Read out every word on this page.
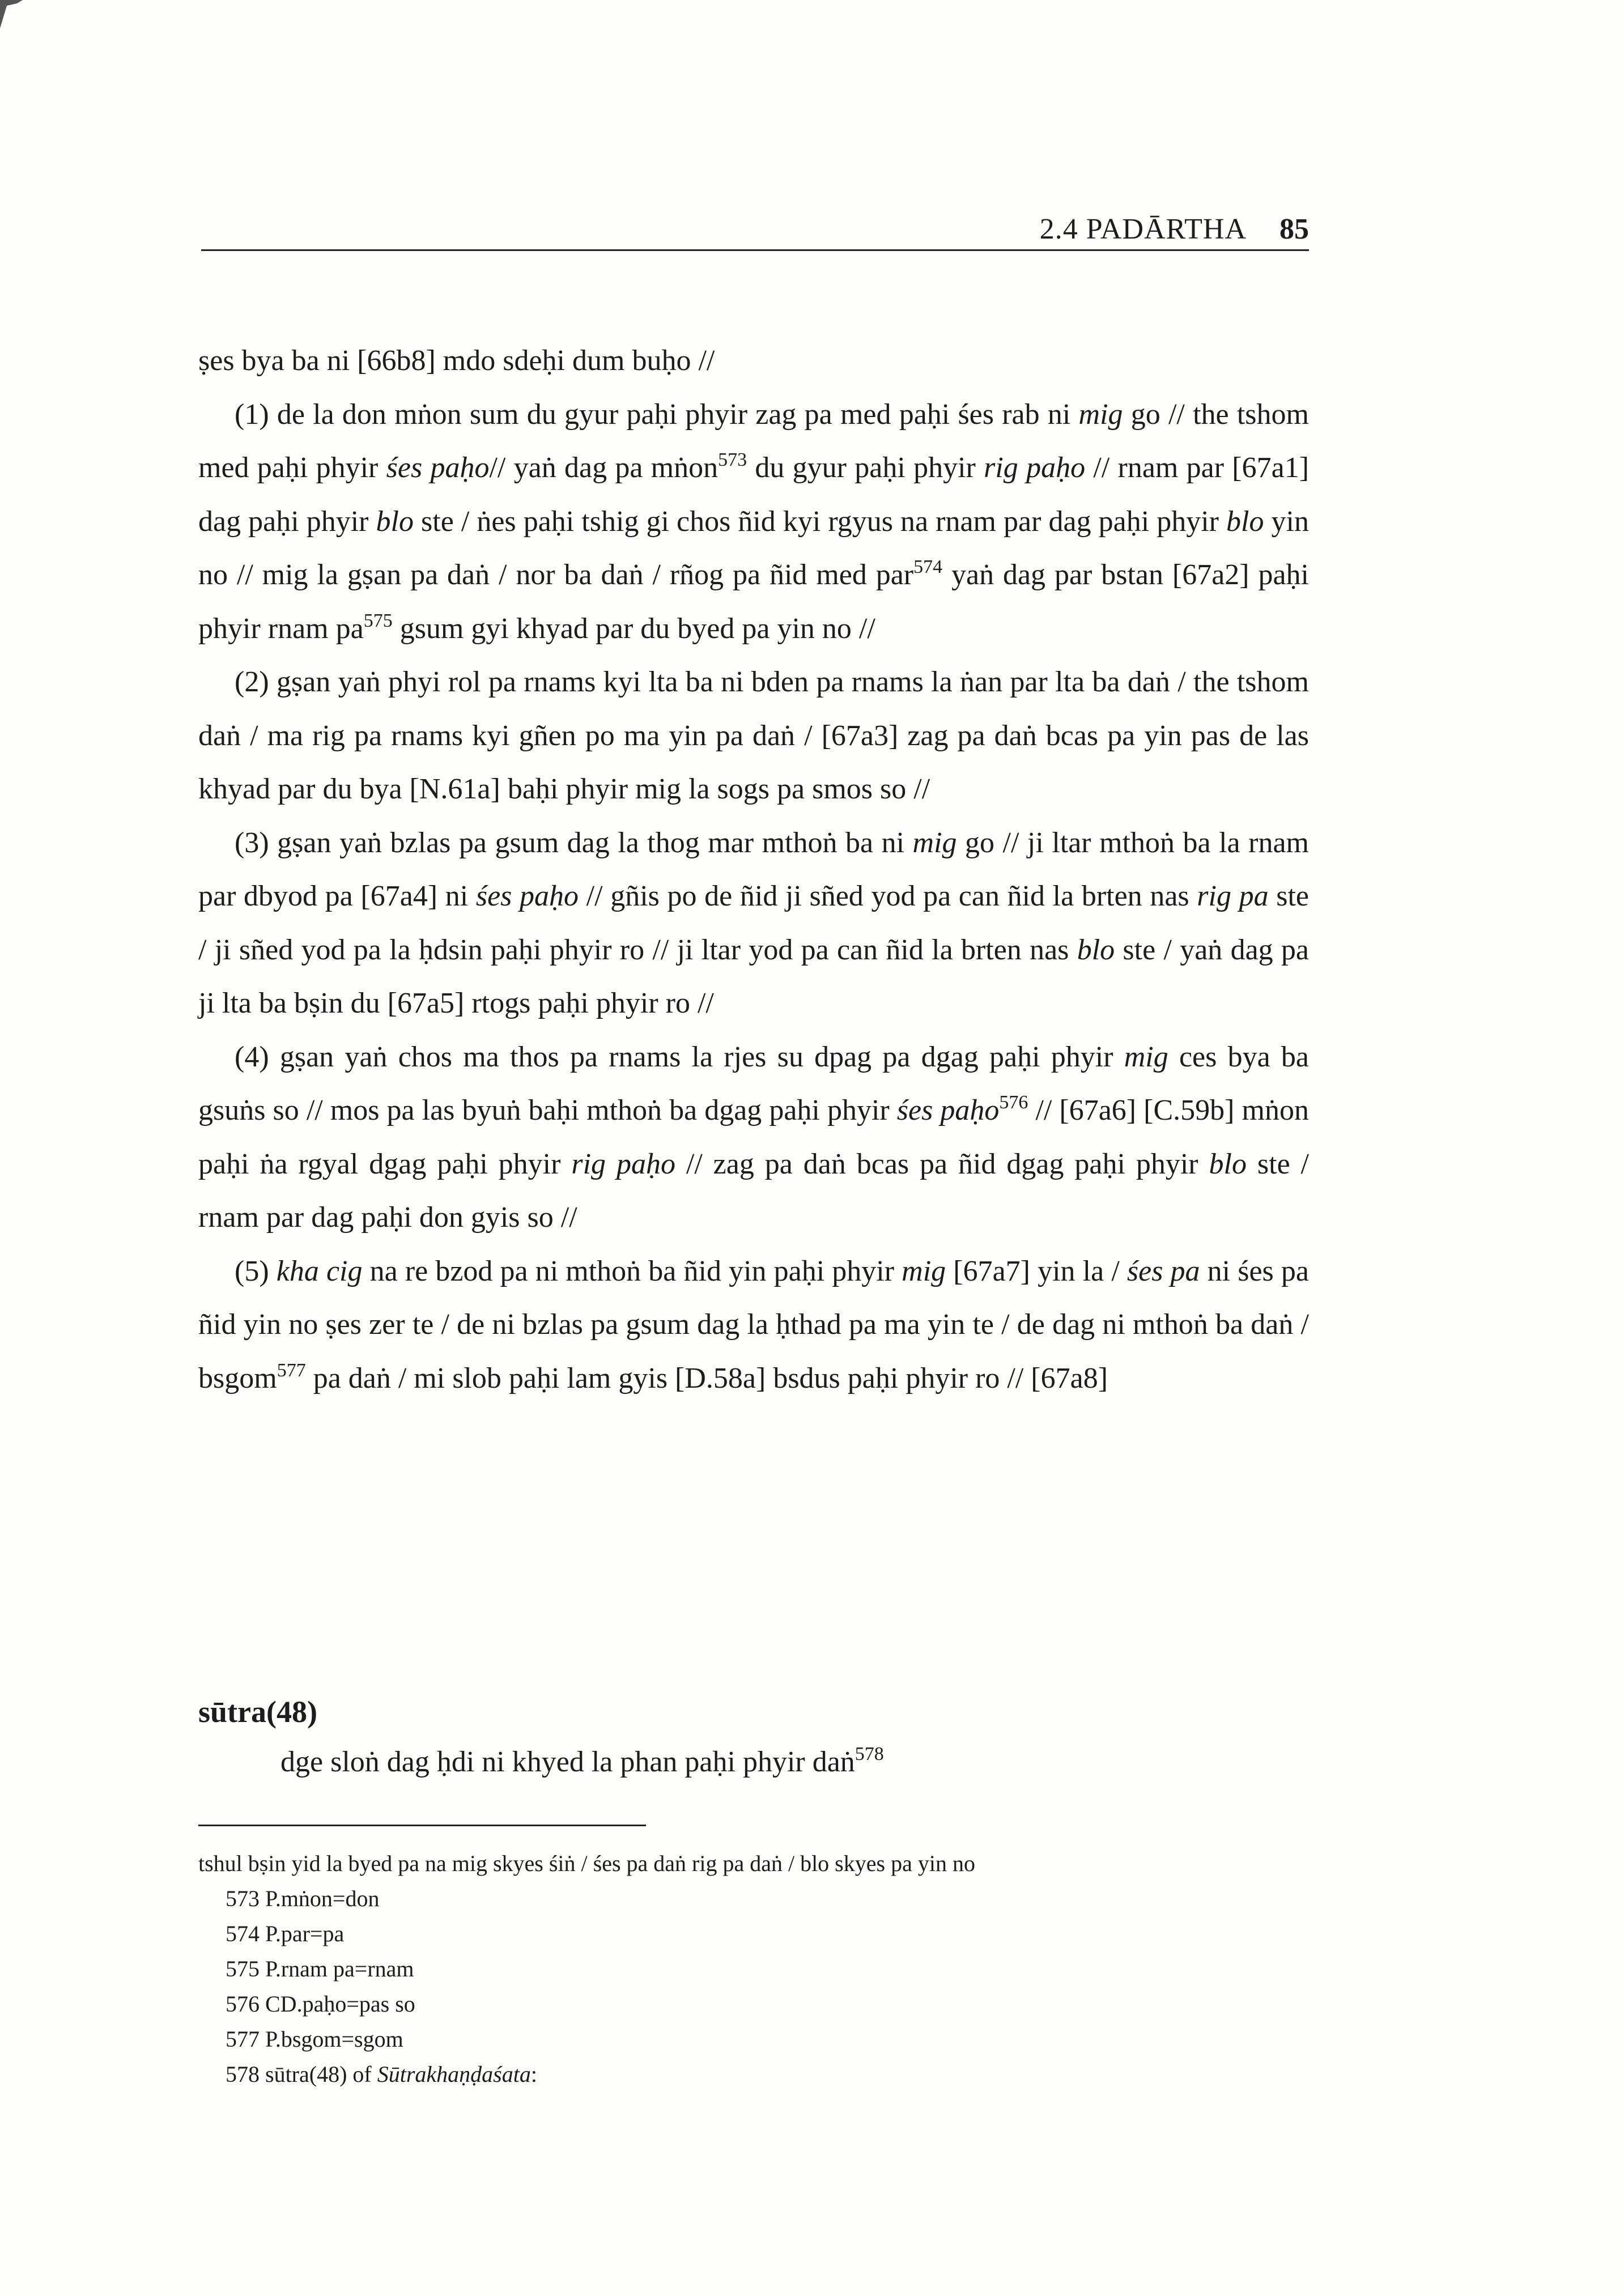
2.4 PADĀRTHA 85

ṣes bya ba ni [66b8] mdo sdeḥi dum buḥo //

(1) de la don mṅon sum du gyur paḥi phyir zag pa med paḥi śes rab ni mig go // the tshom med paḥi phyir śes paḥo// yaṅ dag pa mṅon$^{573}$ du gyur paḥi phyir rig paḥo // rnam par [67a1] dag paḥi phyir blo ste / ṅes paḥi tshig gi chos ñid kyi rgyus na rnam par dag paḥi phyir blo yin no // mig la gṣan pa daṅ / nor ba daṅ / rñog pa ñid med par$^{574}$ yaṅ dag par bstan [67a2] paḥi phyir rnam $pa^{575}$ gsum gyi khyad par du byed pa yin no //

(2) gṣan yaṅ phyi rol pa rnams kyi lta ba ni bden pa rnams la ṅan par lta ba daṅ / the tshom daṅ / ma rig pa rnams kyi gñen po ma yin pa daṅ / [67a3] zag pa daṅ bcas pa yin pas de las khyad par du bya [N.61a] baḥi phyir mig la sogs pa smos so //

(3) gṣan yaṅ bzlas pa gsum dag la thog mar mthoṅ ba ni mig go // ji ltar mthoṅ ba la rnam par dbyod pa [67a4] ni śes paḥo // gñis po de ñid ji sñed yod pa can ñid la brten nas rig pa ste / ji sñed yod pa la ḥdsin paḥi phyir ro // ji ltar yod pa can ñid la brten nas blo ste / yaṅ dag pa ji lta ba bṣin du [67a5] rtogs paḥi phyir ro //

(4) gṣan yaṅ chos ma thos pa rnams la rjes su dpag pa dgag paḥi phyir mig ces bya ba gsuṅs so // mos pa las byuṅ baḥi mthoṅ ba dgag paḥi phyir śes paḥo$^{576}$ // [67a6] [C.59b] mṅon paḥi ṅa rgyal dgag paḥi phyir rig paḥo // zag pa daṅ bcas pa ñid dgag paḥi phyir blo ste / rnam par dag paḥi don gyis so //

(5) kha cig na re bzod pa ni mthoṅ ba ñid yin paḥi phyir mig [67a7] yin la / śes pa ni śes pa ñid yin no ṣes zer te / de ni bzlas pa gsum dag la ḥthad pa ma yin te / de dag ni mthoṅ ba daṅ / bsgom$^{577}$ pa daṅ / mi slob paḥi lam gyis [D.58a] bsdus paḥi phyir ro // [67a8]

sūtra(48)
dge sloṅ dag ḥdi ni khyed la phan paḥi phyir daṅ$^{578}$

tshul bṣin yid la byed pa na mig skyes śiṅ / śes pa daṅ rig pa daṅ / blo skyes pa yin no

573 P.mṅon=don

574 P.par=pa

575 P.rnam pa=rnam

576 CD.paḥo=pas so

577 P.bsgom=sgom

578 sūtra(48) of Sūtrakhaṇḍaśata:
